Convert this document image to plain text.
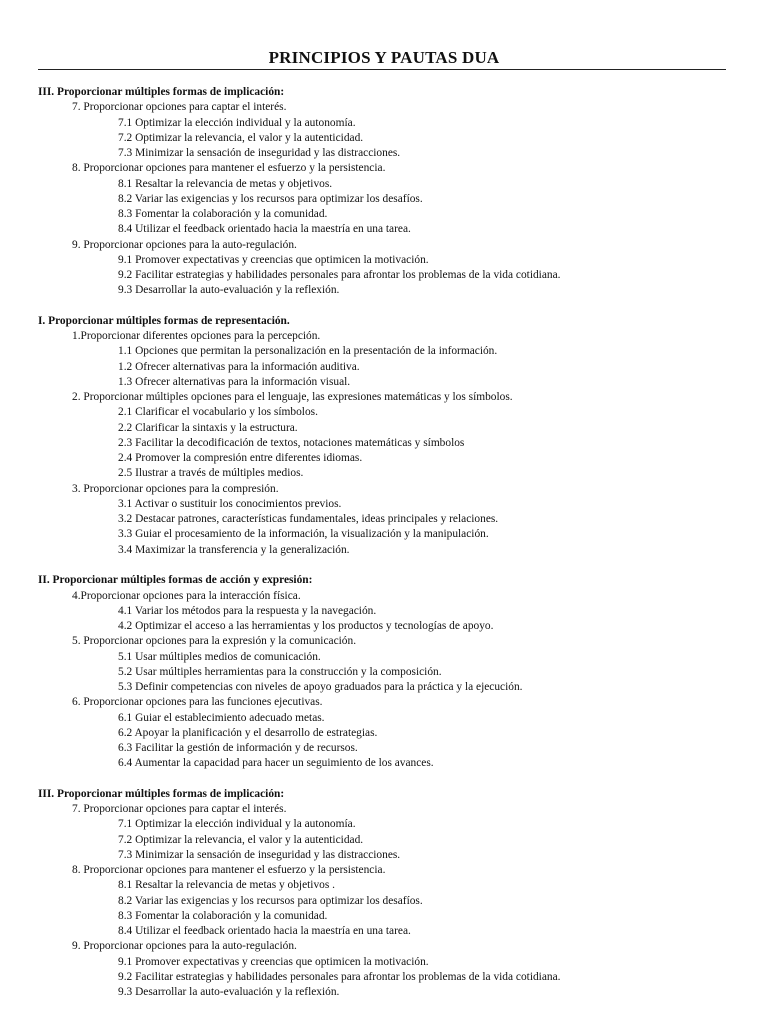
PRINCIPIOS Y PAUTAS DUA
III. Proporcionar múltiples formas de implicación:
7. Proporcionar opciones para captar el interés.
7.1 Optimizar la elección individual y la autonomía.
7.2 Optimizar la relevancia, el valor y la autenticidad.
7.3 Minimizar la sensación de inseguridad y las distracciones.
8. Proporcionar opciones para mantener el esfuerzo y la persistencia.
8.1 Resaltar la relevancia de metas y objetivos.
8.2 Variar las exigencias y los recursos para optimizar los desafíos.
8.3 Fomentar la colaboración y la comunidad.
8.4 Utilizar el feedback orientado hacia la maestría en una tarea.
9. Proporcionar opciones para la auto-regulación.
9.1 Promover expectativas y creencias que optimicen la motivación.
9.2 Facilitar estrategias y habilidades personales para afrontar los problemas de la vida cotidiana.
9.3 Desarrollar la auto-evaluación y la reflexión.
I. Proporcionar múltiples formas de representación.
1.Proporcionar diferentes opciones para la percepción.
1.1 Opciones que permitan la personalización en la presentación de la información.
1.2 Ofrecer alternativas para la información auditiva.
1.3 Ofrecer alternativas para la información visual.
2. Proporcionar múltiples opciones para el lenguaje, las expresiones matemáticas y los símbolos.
2.1 Clarificar el vocabulario y los símbolos.
2.2 Clarificar la sintaxis y la estructura.
2.3 Facilitar la decodificación de textos, notaciones matemáticas y símbolos
2.4 Promover la compresión entre diferentes idiomas.
2.5 Ilustrar a través de múltiples medios.
3. Proporcionar opciones para la compresión.
3.1 Activar o sustituir los conocimientos previos.
3.2 Destacar patrones, características fundamentales, ideas principales y relaciones.
3.3 Guiar el procesamiento de la información, la visualización y la manipulación.
3.4 Maximizar la transferencia y la generalización.
II. Proporcionar múltiples formas de acción y expresión:
4.Proporcionar opciones para la interacción física.
4.1 Variar los métodos para la respuesta y la navegación.
4.2 Optimizar el acceso a las herramientas y los productos y tecnologías de apoyo.
5. Proporcionar opciones para la expresión y la comunicación.
5.1 Usar múltiples medios de comunicación.
5.2 Usar múltiples herramientas para la construcción y la composición.
5.3 Definir competencias con niveles de apoyo graduados para la práctica y la ejecución.
6. Proporcionar opciones para las funciones ejecutivas.
6.1 Guiar el establecimiento adecuado metas.
6.2 Apoyar la planificación y el desarrollo de estrategias.
6.3 Facilitar la gestión de información y de recursos.
6.4 Aumentar la capacidad para hacer un seguimiento de los avances.
III. Proporcionar múltiples formas de implicación:
7. Proporcionar opciones para captar el interés.
7.1 Optimizar la elección individual y la autonomía.
7.2 Optimizar la relevancia, el valor y la autenticidad.
7.3 Minimizar la sensación de inseguridad y las distracciones.
8. Proporcionar opciones para mantener el esfuerzo y la persistencia.
8.1 Resaltar la relevancia de metas y objetivos .
8.2 Variar las exigencias y los recursos para optimizar los desafíos.
8.3 Fomentar la colaboración y la comunidad.
8.4 Utilizar el feedback orientado hacia la maestría en una tarea.
9. Proporcionar opciones para la auto-regulación.
9.1 Promover expectativas y creencias que optimicen la motivación.
9.2 Facilitar estrategias y habilidades personales para afrontar los problemas de la vida cotidiana.
9.3 Desarrollar la auto-evaluación y la reflexión.
